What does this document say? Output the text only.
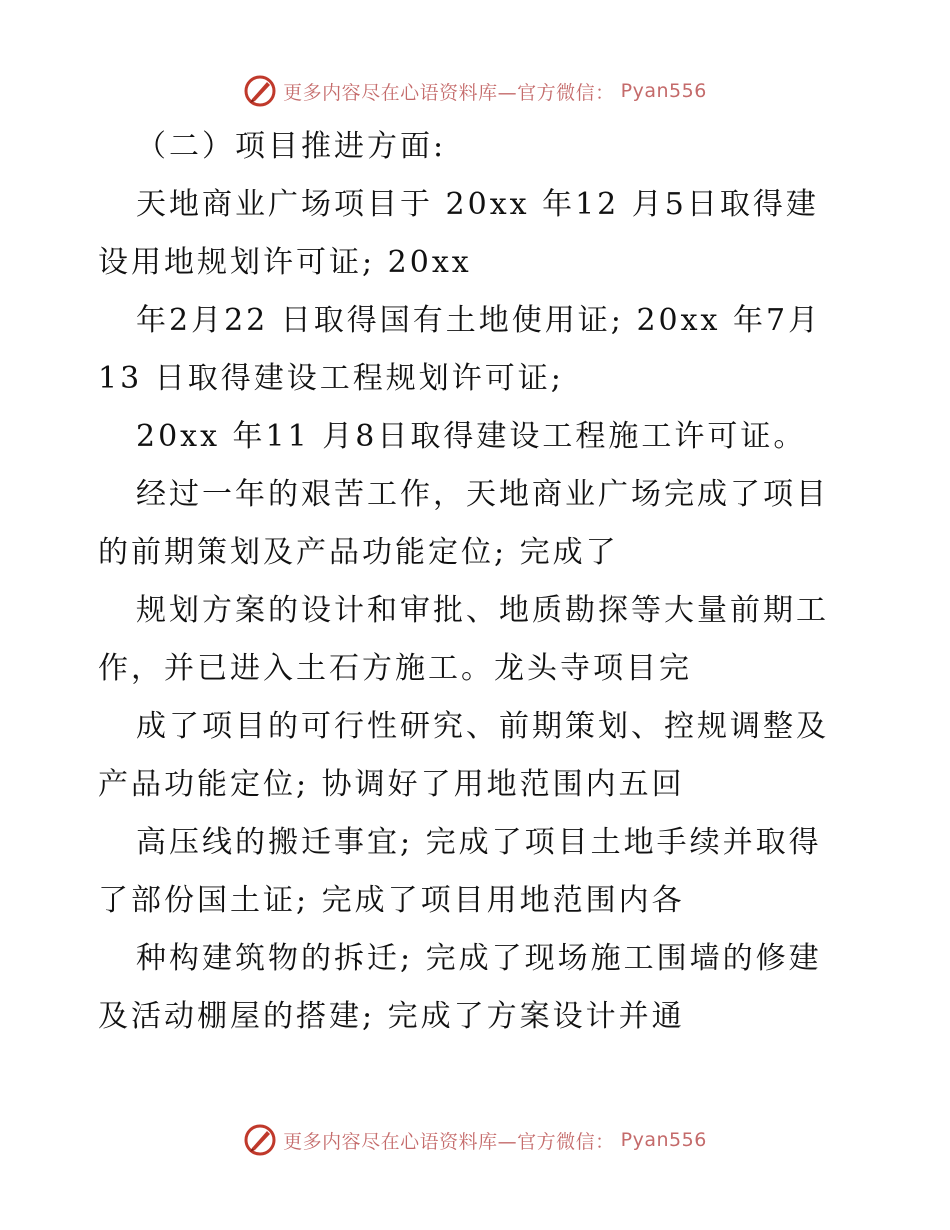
更多内容尽在心语资料库—官方微信： Pyan556
（二）项目推进方面:
天地商业广场项目于 20xx 年12 月5日取得建
设用地规划许可证; 20xx
年2月22 日取得国有土地使用证; 20xx 年7月
13 日取得建设工程规划许可证;
20xx 年11 月8日取得建设工程施工许可证。
经过一年的艰苦工作，天地商业广场完成了项目
的前期策划及产品功能定位; 完成了
规划方案的设计和审批、地质勘探等大量前期工
作，并已进入土石方施工。龙头寺项目完
成了项目的可行性研究、前期策划、控规调整及
产品功能定位; 协调好了用地范围内五回
高压线的搬迁事宜; 完成了项目土地手续并取得
了部份国土证; 完成了项目用地范围内各
种构建筑物的拆迁; 完成了现场施工围墙的修建
及活动棚屋的搭建; 完成了方案设计并通
更多内容尽在心语资料库—官方微信： Pyan556
